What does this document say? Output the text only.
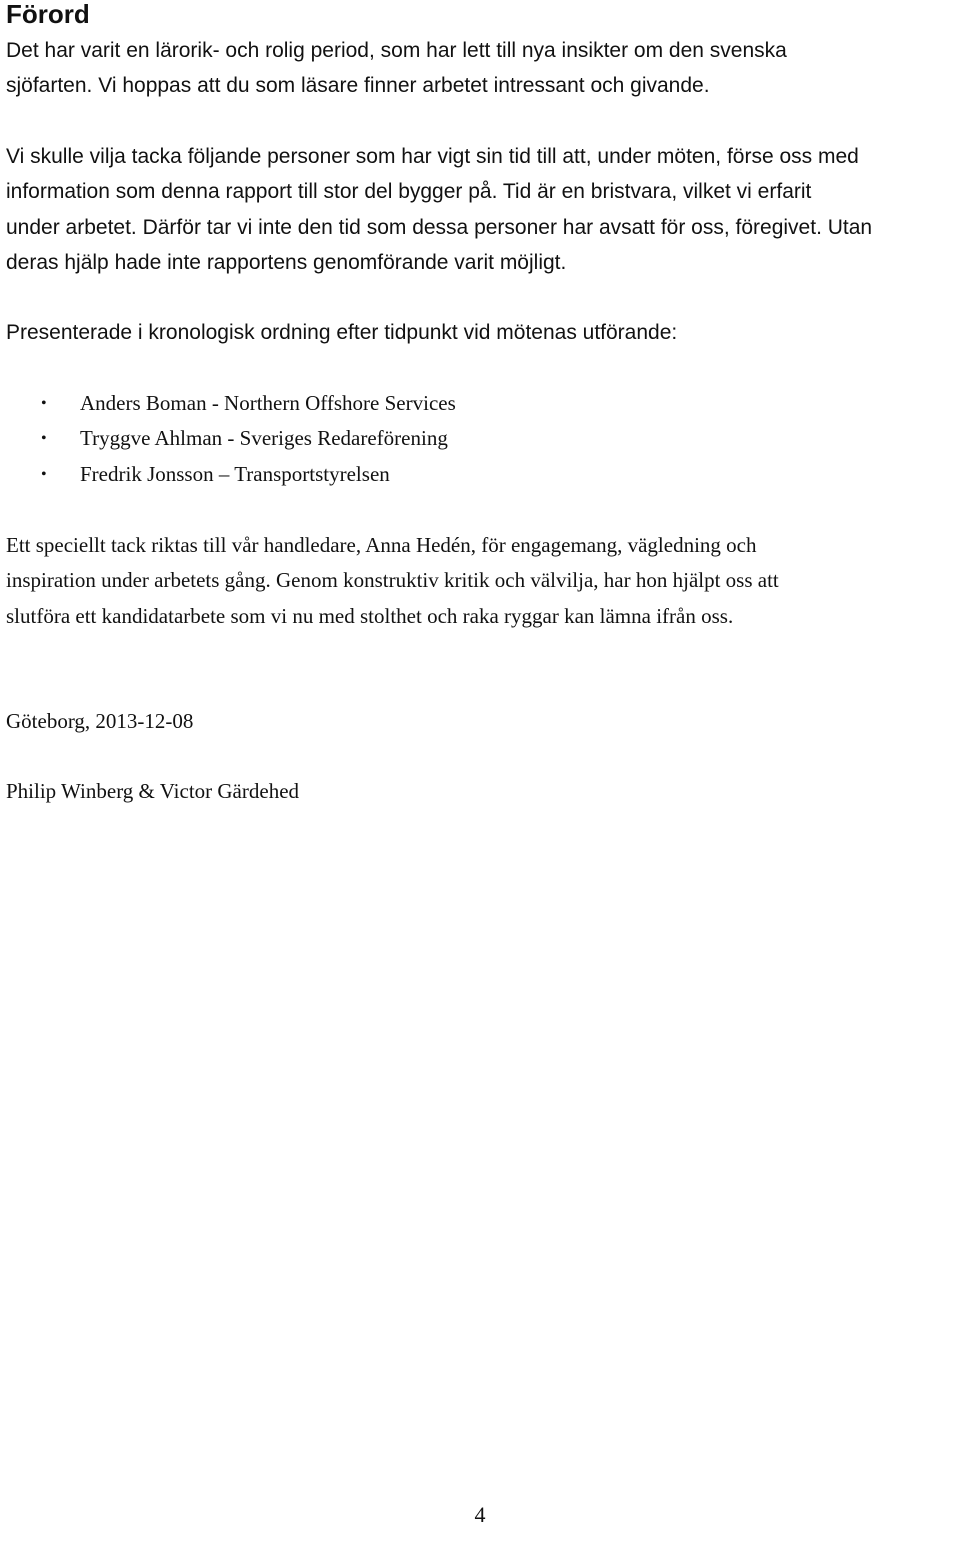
Förord

Det har varit en lärorik- och rolig period, som har lett till nya insikter om den svenska
sjöfarten. Vi hoppas att du som läsare finner arbetet intressant och givande.

Vi skulle vilja tacka följande personer som har vigt sin tid till att, under möten, förse oss med
information som denna rapport till stor del bygger på. Tid är en bristvara, vilket vi erfarit
under arbetet. Därför tar vi inte den tid som dessa personer har avsatt för oss, föregivet. Utan
deras hjälp hade inte rapportens genomförande varit möjligt.

Presenterade i kronologisk ordning efter tidpunkt vid mötenas utförande:

• Anders Boman - Northern Offshore Services
• Tryggve Ahlman - Sveriges Redareförening
• Fredrik Jonsson – Transportstyrelsen

Ett speciellt tack riktas till vår handledare, Anna Hedén, för engagemang, vägledning och
inspiration under arbetets gång. Genom konstruktiv kritik och välvilja, har hon hjälpt oss att
slutföra ett kandidatarbete som vi nu med stolthet och raka ryggar kan lämna ifrån oss.

Göteborg, 2013-12-08

Philip Winberg & Victor Gärdehed

4
